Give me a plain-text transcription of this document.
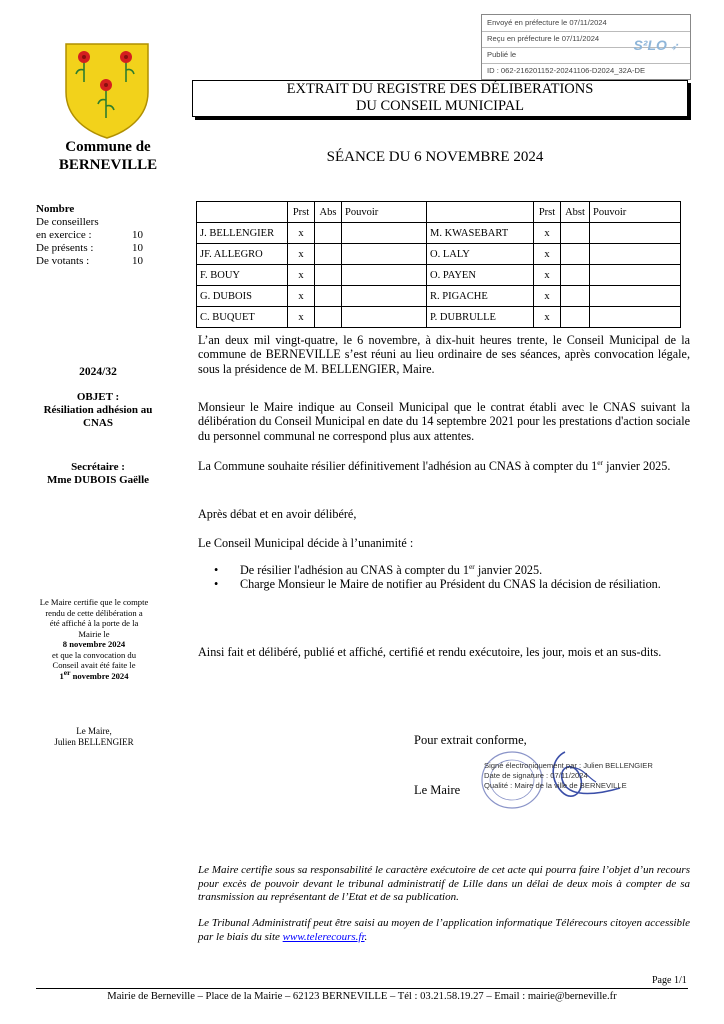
Envoyé en préfecture le 07/11/2024
Reçu en préfecture le 07/11/2024
Publié le
ID : 062-216201152-20241106-D2024_32A-DE
S²LO ➶
Commune de
BERNEVILLE
EXTRAIT DU REGISTRE DES DÉLIBERATIONS
DU CONSEIL MUNICIPAL
SÉANCE DU 6 NOVEMBRE 2024
Nombre
De conseillers
en exercice :	10
De présents :	10
De votants :	10
2024/32
OBJET :
Résiliation adhésion au
CNAS
Secrétaire :
Mme DUBOIS Gaëlle
Le Maire certifie que le compte
rendu de cette délibération a
été affiché à la porte de la
Mairie le
8 novembre 2024
et que la convocation du
Conseil avait été faite le
1er novembre 2024
Le Maire,
Julien BELLENGIER
	Prst	Abs	Pouvoir		Prst	Abst	Pouvoir
J. BELLENGIER	x			M. KWASEBART	x		
JF. ALLEGRO	x			O. LALY	x		
F. BOUY	x			O. PAYEN	x		
G. DUBOIS	x			R. PIGACHE	x		
C. BUQUET	x			P. DUBRULLE	x		
L’an deux mil vingt-quatre, le 6 novembre, à dix-huit heures trente, le Conseil Municipal de la commune de BERNEVILLE s’est réuni au lieu ordinaire de ses séances, après convocation légale, sous la présidence de M. BELLENGIER, Maire.
Monsieur le Maire indique au Conseil Municipal que le contrat établi avec le CNAS suivant la délibération du Conseil Municipal en date du 14 septembre 2021 pour les prestations d'action sociale du personnel communal ne correspond plus aux attentes.
La Commune souhaite résilier définitivement l'adhésion au CNAS à compter du 1er janvier 2025.
Après débat et en avoir délibéré,
Le Conseil Municipal décide à l’unanimité :
•	De résilier l'adhésion au CNAS à compter du 1er janvier 2025.
•	Charge Monsieur le Maire de notifier au Président du CNAS la décision de résiliation.
Ainsi fait et délibéré, publié et affiché, certifié et rendu exécutoire, les jour, mois et an sus-dits.
Pour extrait conforme,
Le Maire
Signé électroniquement par : Julien BELLENGIER
Date de signature : 07/11/2024
Qualité : Maire de la ville de BERNEVILLE
Le Maire certifie sous sa responsabilité le caractère exécutoire de cet acte qui pourra faire l’objet d’un recours pour excès de pouvoir devant le tribunal administratif de Lille dans un délai de deux mois à compter de sa transmission au représentant de l’Etat et de sa publication.
Le Tribunal Administratif peut être saisi au moyen de l’application informatique Télérecours citoyen accessible par le biais du site www.telerecours.fr.
Page 1/1
Mairie de Berneville – Place de la Mairie – 62123 BERNEVILLE – Tél : 03.21.58.19.27 – Email : mairie@berneville.fr
